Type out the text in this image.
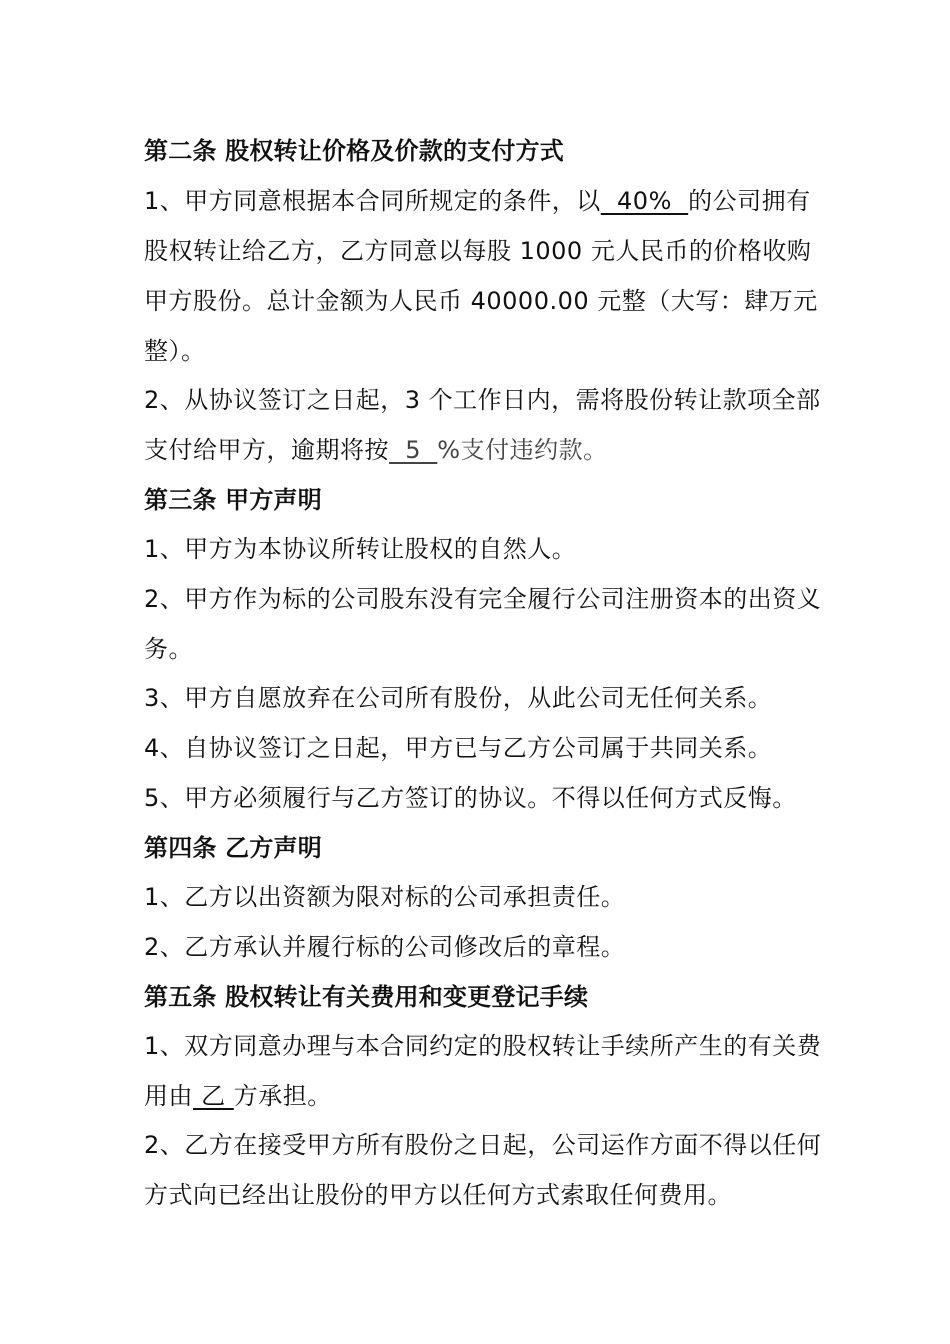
第二条 股权转让价格及价款的支付方式
1、甲方同意根据本合同所规定的条件，以  40%  的公司拥有
股权转让给乙方，乙方同意以每股 1000 元人民币的价格收购
甲方股份。总计金额为人民币 40000.00 元整（大写：肆万元
整）。
2、从协议签订之日起，3 个工作日内，需将股份转让款项全部
支付给甲方，逾期将按  5  %支付违约款。
第三条 甲方声明
1、甲方为本协议所转让股权的自然人。
2、甲方作为标的公司股东没有完全履行公司注册资本的出资义
务。
3、甲方自愿放弃在公司所有股份，从此公司无任何关系。
4、自协议签订之日起，甲方已与乙方公司属于共同关系。
5、甲方必须履行与乙方签订的协议。不得以任何方式反悔。
第四条 乙方声明
1、乙方以出资额为限对标的公司承担责任。
2、乙方承认并履行标的公司修改后的章程。
第五条 股权转让有关费用和变更登记手续
1、双方同意办理与本合同约定的股权转让手续所产生的有关费
用由 乙 方承担。
2、乙方在接受甲方所有股份之日起，公司运作方面不得以任何
方式向已经出让股份的甲方以任何方式索取任何费用。
